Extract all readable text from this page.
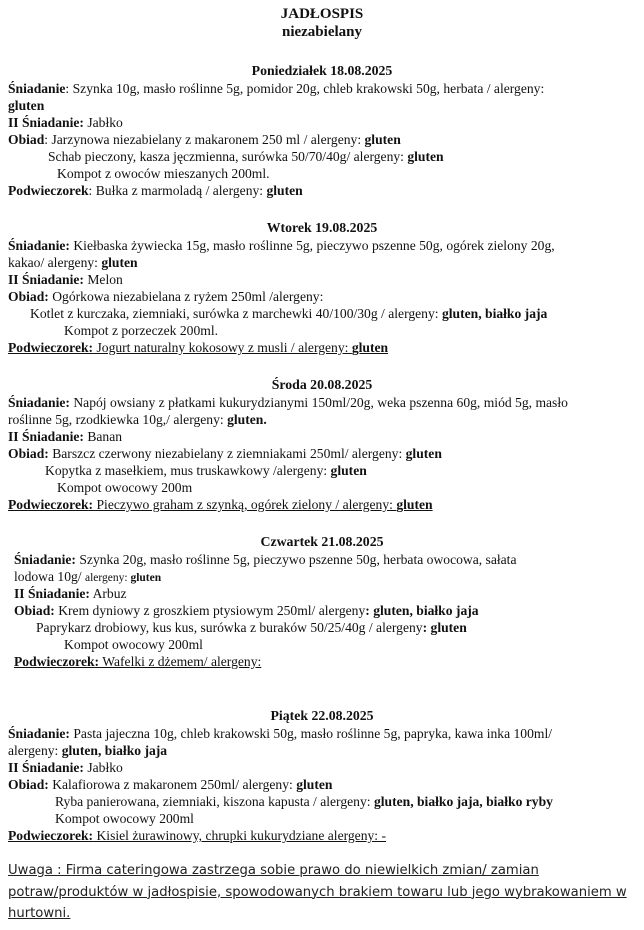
JADŁOSPIS
niezabielany
Poniedziałek 18.08.2025
Śniadanie: Szynka 10g, masło roślinne 5g, pomidor 20g, chleb krakowski 50g, herbata / alergeny:
gluten
II Śniadanie: Jabłko
Obiad: Jarzynowa niezabielany z makaronem 250 ml / alergeny: gluten
Schab pieczony, kasza jęczmienna, surówka 50/70/40g/ alergeny: gluten
Kompot z owoców mieszanych 200ml.
Podwieczorek: Bułka z marmoladą / alergeny: gluten
Wtorek 19.08.2025
Śniadanie: Kiełbaska żywiecka 15g, masło roślinne 5g, pieczywo pszenne 50g, ogórek zielony 20g,
kakao/ alergeny: gluten
II Śniadanie: Melon
Obiad: Ogórkowa niezabielana z ryżem 250ml /alergeny:
Kotlet z kurczaka, ziemniaki, surówka z marchewki 40/100/30g / alergeny: gluten, białko jaja
Kompot z porzeczek 200ml.
Podwieczorek: Jogurt naturalny kokosowy z musli / alergeny: gluten
Środa 20.08.2025
Śniadanie: Napój owsiany z płatkami kukurydzianymi 150ml/20g, weka pszenna 60g, miód 5g, masło
roślinne 5g, rzodkiewka 10g,/ alergeny: gluten.
II Śniadanie: Banan
Obiad: Barszcz czerwony niezabielany z ziemniakami 250ml/ alergeny: gluten
Kopytka z masełkiem, mus truskawkowy /alergeny: gluten
Kompot owocowy 200m
Podwieczorek: Pieczywo graham z szynką, ogórek zielony / alergeny: gluten
Czwartek 21.08.2025
Śniadanie: Szynka 20g, masło roślinne 5g, pieczywo pszenne 50g, herbata owocowa, sałata
lodowa 10g/ alergeny: gluten
II Śniadanie: Arbuz
Obiad: Krem dyniowy z groszkiem ptysiowym 250ml/ alergeny: gluten, białko jaja
Paprykarz drobiowy, kus kus, surówka z buraków 50/25/40g / alergeny: gluten
Kompot owocowy 200ml
Podwieczorek: Wafelki z dżemem/ alergeny:
Piątek 22.08.2025
Śniadanie: Pasta jajeczna 10g, chleb krakowski 50g, masło roślinne 5g, papryka, kawa inka 100ml/
alergeny: gluten, białko jaja
II Śniadanie: Jabłko
Obiad: Kalafiorowa z makaronem 250ml/ alergeny: gluten
Ryba panierowana, ziemniaki, kiszona kapusta / alergeny: gluten, białko jaja, białko ryby
Kompot owocowy 200ml
Podwieczorek: Kisiel żurawinowy, chrupki kukurydziane alergeny: -
Uwaga : Firma cateringowa zastrzega sobie prawo do niewielkich zmian/ zamian potraw/produktów w jadłospisie, spowodowanych brakiem towaru lub jego wybrakowaniem w hurtowni.
